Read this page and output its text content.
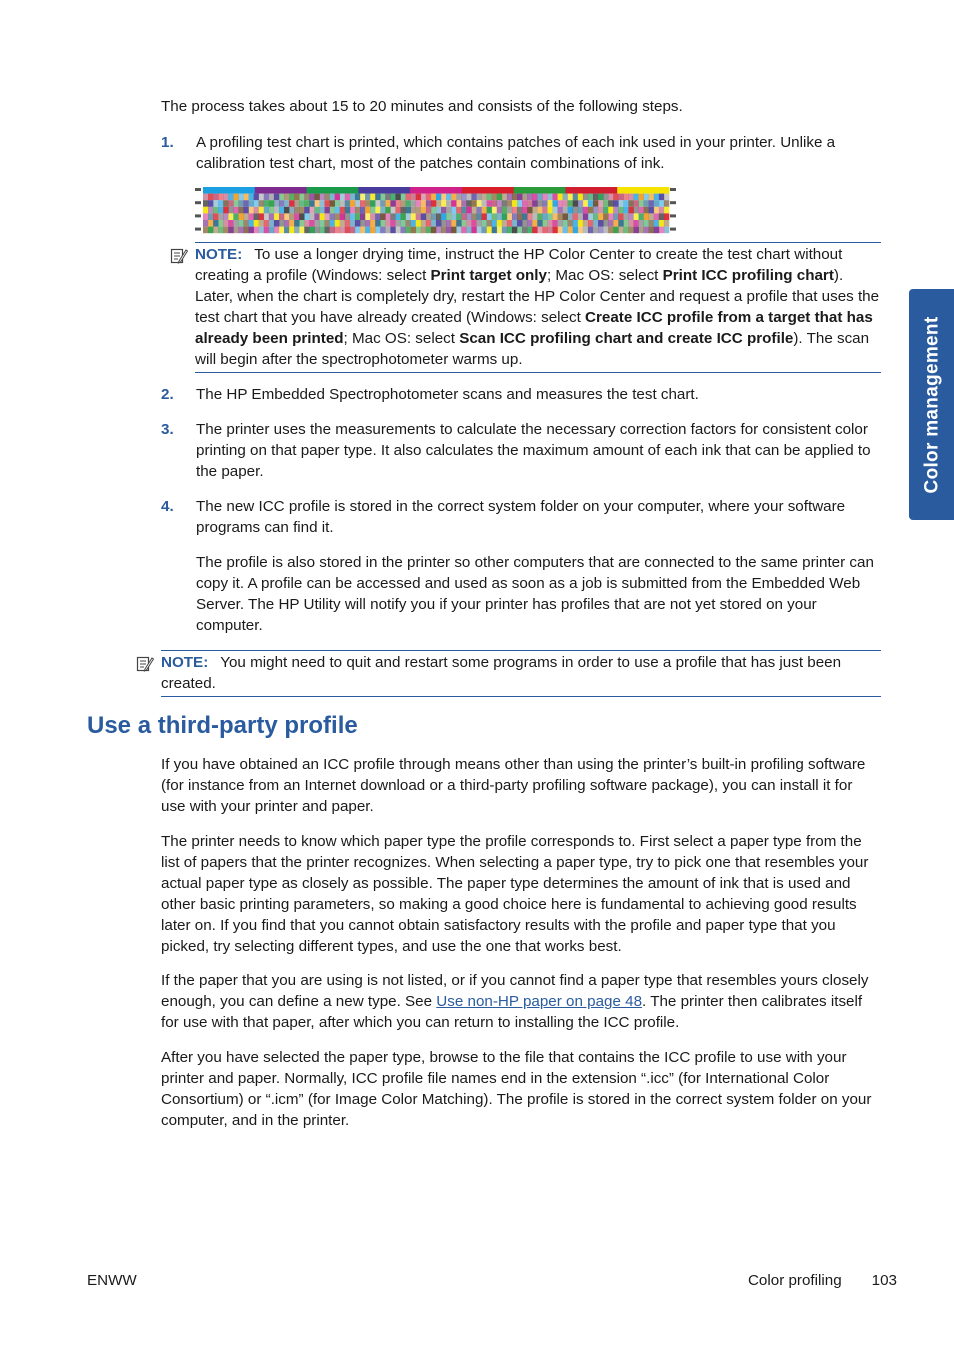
The process takes about 15 to 20 minutes and consists of the following steps.

1. A profiling test chart is printed, which contains patches of each ink used in your printer. Unlike a calibration test chart, most of the patches contain combinations of ink.

NOTE: To use a longer drying time, instruct the HP Color Center to create the test chart without creating a profile (Windows: select Print target only; Mac OS: select Print ICC profiling chart). Later, when the chart is completely dry, restart the HP Color Center and request a profile that uses the test chart that you have already created (Windows: select Create ICC profile from a target that has already been printed; Mac OS: select Scan ICC profiling chart and create ICC profile). The scan will begin after the spectrophotometer warms up.

2. The HP Embedded Spectrophotometer scans and measures the test chart.

3. The printer uses the measurements to calculate the necessary correction factors for consistent color printing on that paper type. It also calculates the maximum amount of each ink that can be applied to the paper.

4. The new ICC profile is stored in the correct system folder on your computer, where your software programs can find it.

The profile is also stored in the printer so other computers that are connected to the same printer can copy it. A profile can be accessed and used as soon as a job is submitted from the Embedded Web Server. The HP Utility will notify you if your printer has profiles that are not yet stored on your computer.

NOTE: You might need to quit and restart some programs in order to use a profile that has just been created.

Use a third-party profile

If you have obtained an ICC profile through means other than using the printer’s built-in profiling software (for instance from an Internet download or a third-party profiling software package), you can install it for use with your printer and paper.

The printer needs to know which paper type the profile corresponds to. First select a paper type from the list of papers that the printer recognizes. When selecting a paper type, try to pick one that resembles your actual paper type as closely as possible. The paper type determines the amount of ink that is used and other basic printing parameters, so making a good choice here is fundamental to achieving good results later on. If you find that you cannot obtain satisfactory results with the profile and paper type that you picked, try selecting different types, and use the one that works best.

If the paper that you are using is not listed, or if you cannot find a paper type that resembles yours closely enough, you can define a new type. See Use non-HP paper on page 48. The printer then calibrates itself for use with that paper, after which you can return to installing the ICC profile.

After you have selected the paper type, browse to the file that contains the ICC profile to use with your printer and paper. Normally, ICC profile file names end in the extension “.icc” (for International Color Consortium) or “.icm” (for Image Color Matching). The profile is stored in the correct system folder on your computer, and in the printer.

Color management
ENWW	Color profiling 103
